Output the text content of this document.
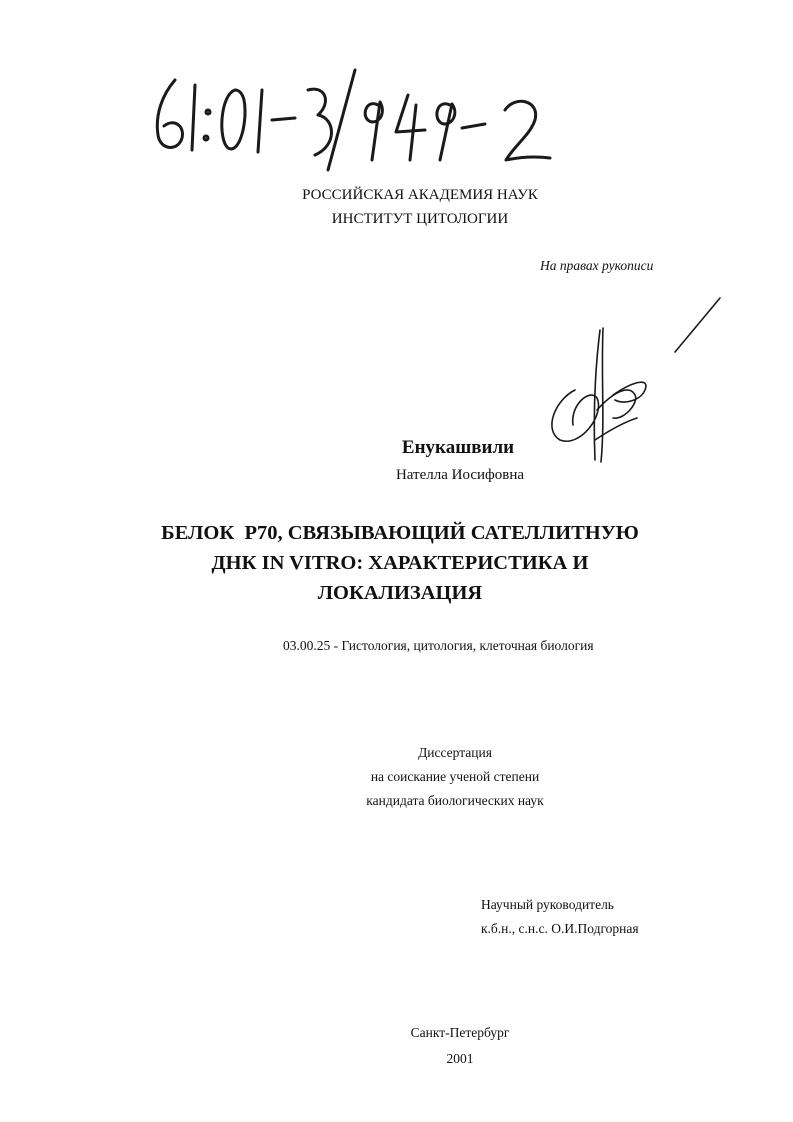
РОССИЙСКАЯ АКАДЕМИЯ НАУК
ИНСТИТУТ ЦИТОЛОГИИ
На правах рукописи
Енукашвили
Нателла Иосифовна
БЕЛОК  Р70, СВЯЗЫВАЮЩИЙ САТЕЛЛИТНУЮ
ДНК IN VITRO: ХАРАКТЕРИСТИКА И
ЛОКАЛИЗАЦИЯ
03.00.25 - Гистология, цитология, клеточная биология
Диссертация
на соискание ученой степени
кандидата биологических наук
Научный руководитель
к.б.н., с.н.с. О.И.Подгорная
Санкт-Петербург
2001
